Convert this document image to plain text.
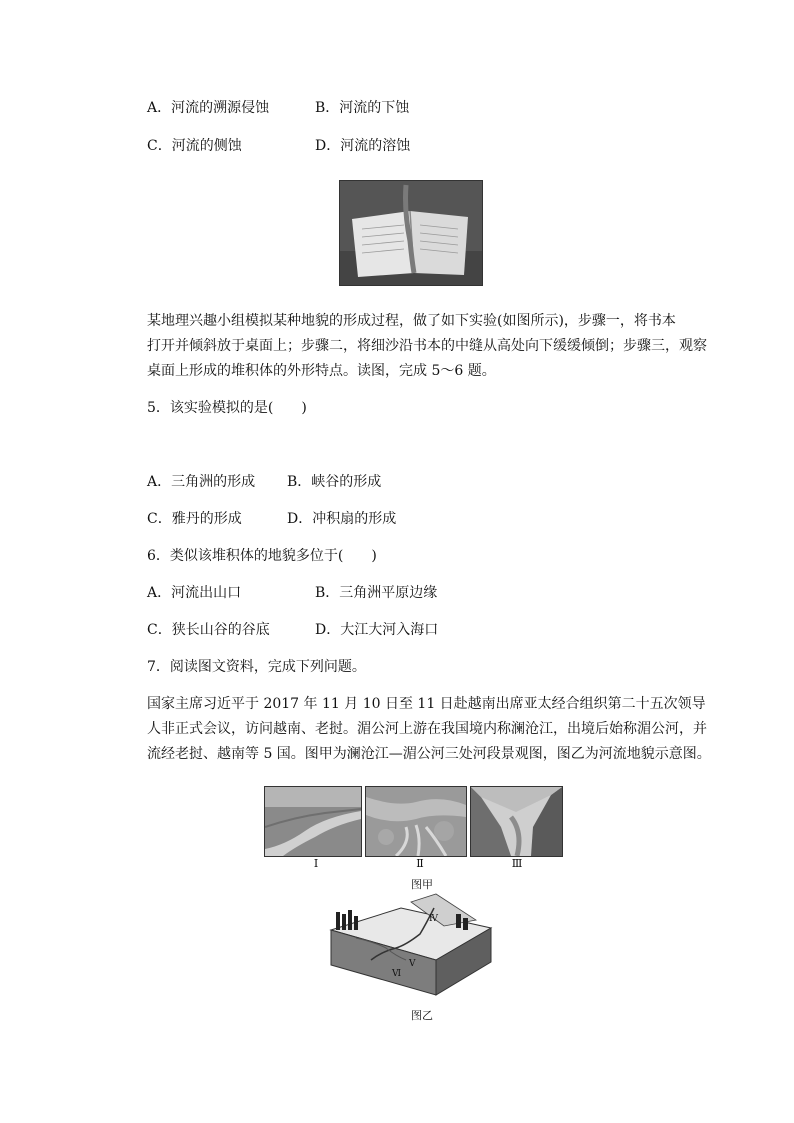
A．河流的溯源侵蚀	B．河流的下蚀
C．河流的侧蚀	D．河流的溶蚀
某地理兴趣小组模拟某种地貌的形成过程，做了如下实验(如图所示)，步骤一，将书本
打开并倾斜放于桌面上；步骤二，将细沙沿书本的中缝从高处向下缓缓倾倒；步骤三，观察
桌面上形成的堆积体的外形特点。读图，完成 5～6 题。
5．该实验模拟的是(　　)
A．三角洲的形成 B．峡谷的形成
C．雅丹的形成	D．冲积扇的形成
6．类似该堆积体的地貌多位于(　　)
A．河流出山口	B．三角洲平原边缘
C．狭长山谷的谷底	D．大江大河入海口
7．阅读图文资料，完成下列问题。
国家主席习近平于 2017 年 11 月 10 日至 11 日赴越南出席亚太经合组织第二十五次领导
人非正式会议，访问越南、老挝。湄公河上游在我国境内称澜沧江，出境后始称湄公河，并
流经老挝、越南等 5 国。图甲为澜沧江—湄公河三处河段景观图，图乙为河流地貌示意图。
Ⅰ	Ⅱ	Ⅲ
图甲
Ⅳ
Ⅴ
Ⅵ
图乙
